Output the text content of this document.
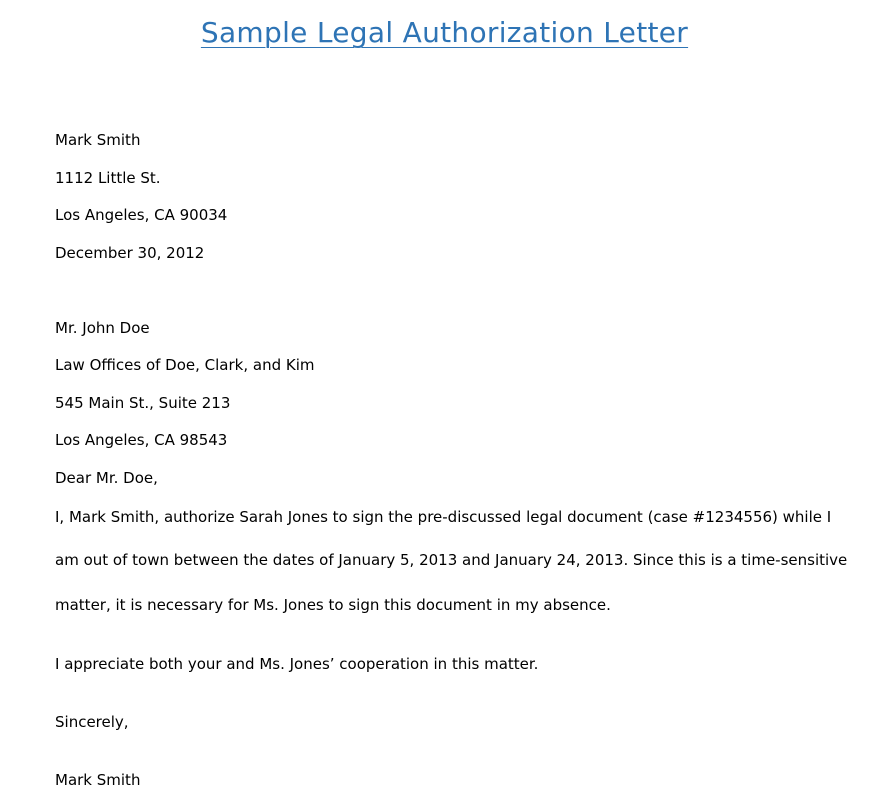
Sample Legal Authorization Letter
Mark Smith
1112 Little St.
Los Angeles, CA 90034
December 30, 2012
Mr. John Doe
Law Offices of Doe, Clark, and Kim
545 Main St., Suite 213
Los Angeles, CA 98543
Dear Mr. Doe,
I, Mark Smith, authorize Sarah Jones to sign the pre-discussed legal document (case #1234556) while I
am out of town between the dates of January 5, 2013 and January 24, 2013. Since this is a time-sensitive
matter, it is necessary for Ms. Jones to sign this document in my absence.
I appreciate both your and Ms. Jones’ cooperation in this matter.
Sincerely,
Mark Smith
